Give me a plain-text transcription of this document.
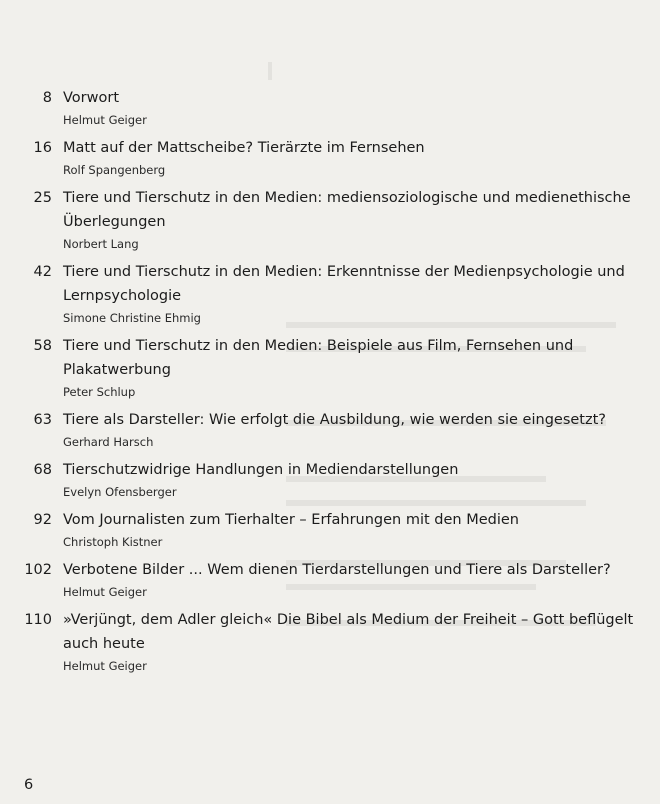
8 Vorwort
Helmut Geiger
16 Matt auf der Mattscheibe? Tierärzte im Fernsehen
Rolf Spangenberg
25 Tiere und Tierschutz in den Medien: mediensoziologische und medienethische Überlegungen
Norbert Lang
42 Tiere und Tierschutz in den Medien: Erkenntnisse der Medienpsychologie und Lernpsychologie
Simone Christine Ehmig
58 Tiere und Tierschutz in den Medien: Beispiele aus Film, Fernsehen und Plakatwerbung
Peter Schlup
63 Tiere als Darsteller: Wie erfolgt die Ausbildung, wie werden sie eingesetzt?
Gerhard Harsch
68 Tierschutzwidrige Handlungen in Mediendarstellungen
Evelyn Ofensberger
92 Vom Journalisten zum Tierhalter – Erfahrungen mit den Medien
Christoph Kistner
102 Verbotene Bilder ... Wem dienen Tierdarstellungen und Tiere als Darsteller?
Helmut Geiger
110 »Verjüngt, dem Adler gleich« Die Bibel als Medium der Freiheit – Gott beflügelt auch heute
Helmut Geiger
6
